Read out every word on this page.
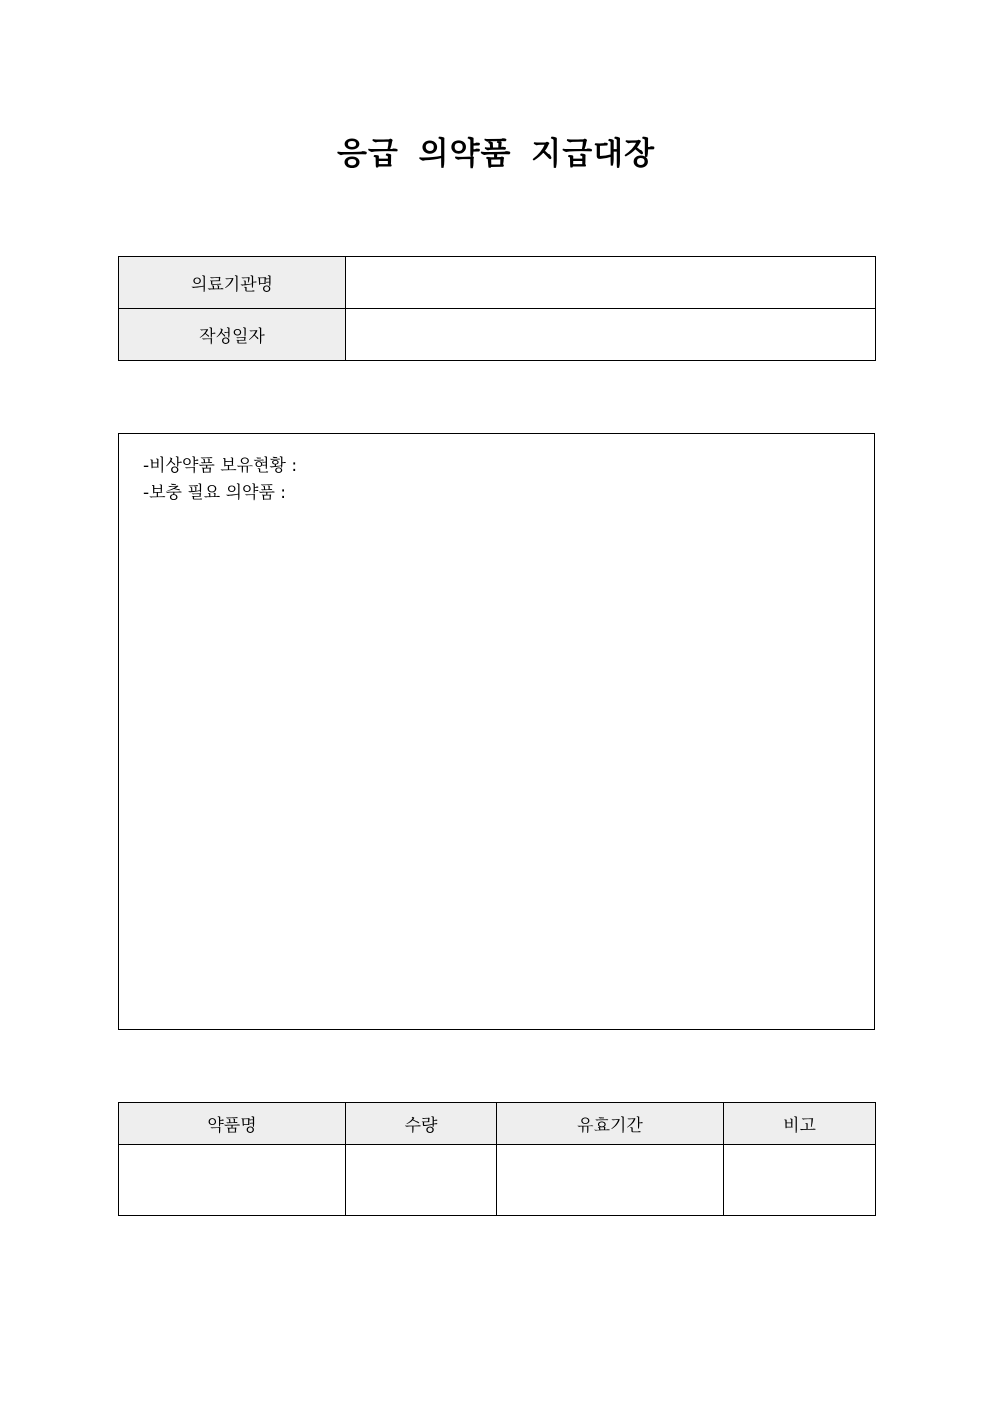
응급 의약품 지급대장
의료기관명	
작성일자	
-비상약품 보유현황 :
-보충 필요 의약품 :
약품명	수량	유효기간	비고
